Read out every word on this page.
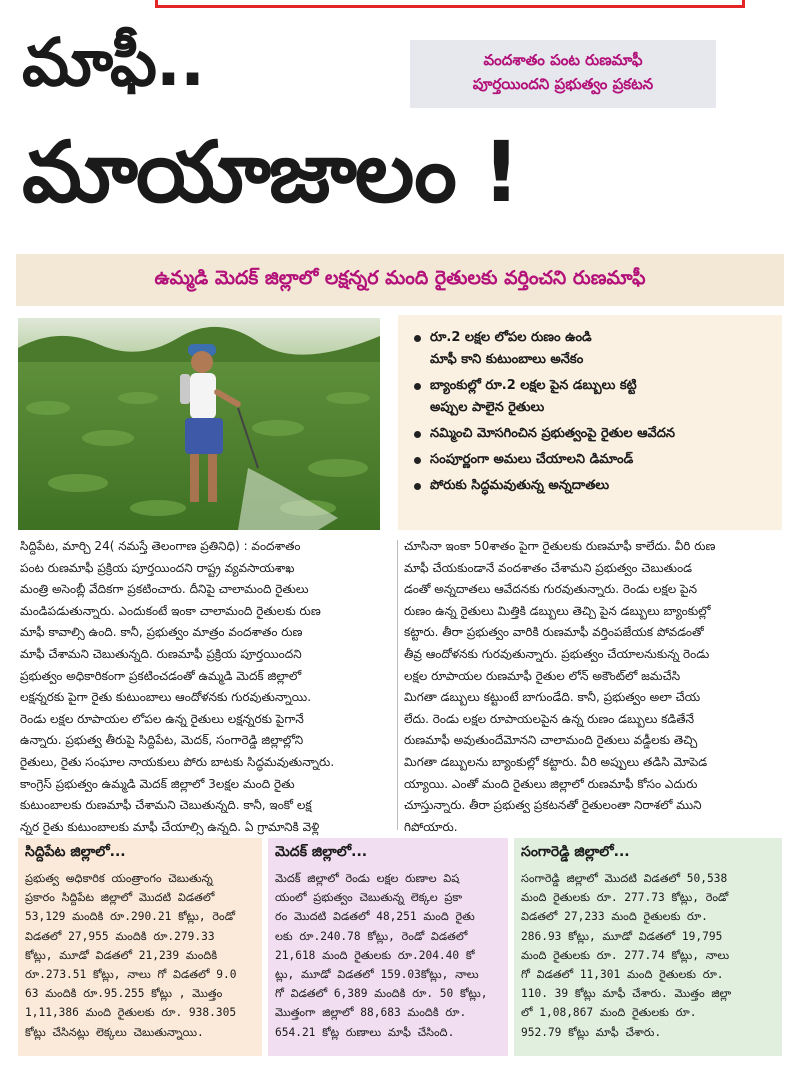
మాఫీ..
మాయాజాలం !
వందశాతం పంట రుణమాఫీ
పూర్తయిందని ప్రభుత్వం ప్రకటన
ఉమ్మడి మెదక్ జిల్లాలో లక్షన్నర మంది రైతులకు వర్తించని రుణమాఫీ
రూ.2 లక్షల లోపల రుణం ఉండి
మాఫీ కాని కుటుంబాలు అనేకం
బ్యాంకుల్లో రూ.2 లక్షల పైన డబ్బులు కట్టి
అప్పుల పాలైన రైతులు
నమ్మించి మోసగించిన ప్రభుత్వంపై రైతుల ఆవేదన
సంపూర్ణంగా అమలు చేయాలని డిమాండ్
పోరుకు సిద్ధమవుతున్న అన్నదాతలు
సిద్దిపేట, మార్చి 24( నమస్తే తెలంగాణ ప్రతినిధి) : వందశాతం
పంట రుణమాఫీ ప్రక్రియ పూర్తయిందని రాష్ట్ర వ్యవసాయశాఖ
మంత్రి అసెంబ్లీ వేదికగా ప్రకటించారు. దీనిపై చాలామంది రైతులు
మండిపడుతున్నారు. ఎందుకంటే ఇంకా చాలామంది రైతులకు రుణ
మాఫీ కావాల్సి ఉంది. కానీ, ప్రభుత్వం మాత్రం వందశాతం రుణ
మాఫీ చేశామని చెబుతున్నది. రుణమాఫీ ప్రక్రియ పూర్తయిందని
ప్రభుత్వం అధికారికంగా ప్రకటించడంతో ఉమ్మడి మెదక్ జిల్లాలో
లక్షన్నరకు పైగా రైతు కుటుంబాలు ఆందోళనకు గురవుతున్నాయి.
రెండు లక్షల రూపాయల లోపల ఉన్న రైతులు లక్షన్నరకు పైగానే
ఉన్నారు. ప్రభుత్వ తీరుపై సిద్దిపేట, మెదక్, సంగారెడ్డి జిల్లాల్లోని
రైతులు, రైతు సంఘాల నాయకులు పోరు బాటకు సిద్ధమవుతున్నారు.
కాంగ్రెస్ ప్రభుత్వం ఉమ్మడి మెదక్ జిల్లాలో 3లక్షల మంది రైతు
కుటుంబాలకు రుణమాఫీ చేశామని చెబుతున్నది. కానీ, ఇంకో లక్ష
న్నర రైతు కుటుంబాలకు మాఫీ చేయాల్సి ఉన్నది. ఏ గ్రామానికి వెళ్లి
చూసినా ఇంకా 50శాతం పైగా రైతులకు రుణమాఫీ కాలేదు. వీరి రుణ
మాఫీ చేయకుండానే వందశాతం చేశామని ప్రభుత్వం చెబుతుండ
డంతో అన్నదాతలు ఆవేదనకు గురవుతున్నారు. రెండు లక్షల పైన
రుణం ఉన్న రైతులు మిత్తికి డబ్బులు తెచ్చి పైన డబ్బులు బ్యాంకుల్లో
కట్టారు. తీరా ప్రభుత్వం వారికి రుణమాఫీ వర్తింపజేయక పోవడంతో
తీవ్ర ఆందోళనకు గురవుతున్నారు. ప్రభుత్వం చేయాలనుకున్న రెండు
లక్షల రూపాయల రుణమాఫీ రైతుల లోన్ అకౌంట్‌లో జమచేసి
మిగతా డబ్బులు కట్టుంటే బాగుండేది. కానీ, ప్రభుత్వం అలా చేయ
లేదు. రెండు లక్షల రూపాయలపైన ఉన్న రుణం డబ్బులు కడితేనే
రుణమాఫీ అవుతుందేమోనని చాలామంది రైతులు వడ్డీలకు తెచ్చి
మిగతా డబ్బులను బ్యాంకుల్లో కట్టారు. వీరి అప్పులు తడిసి మోపెడ
య్యాయి. ఎంతో మంది రైతులు జిల్లాలో రుణమాఫీ కోసం ఎదురు
చూస్తున్నారు. తీరా ప్రభుత్వ ప్రకటనతో రైతులంతా నిరాశలో ముని
గిపోయారు.
సిద్దిపేట జిల్లాలో...
ప్రభుత్వ అధికారిక యంత్రాంగం చెబుతున్న
ప్రకారం సిద్దిపేట జిల్లాలో మొదటి విడతలో
53,129 మందికి రూ.290.21 కోట్లు, రెండో
విడతలో 27,955 మందికి రూ.279.33
కోట్లు, మూడో విడతలో 21,239 మందికి
రూ.273.51 కోట్లు, నాలు గో విడతలో 9.0
63 మందికి రూ.95.255 కోట్లు , మొత్తం
1,11,386 మంది రైతులకు రూ. 938.305
కోట్లు చేసినట్లు లెక్కలు చెబుతున్నాయి.
మెదక్ జిల్లాలో...
మెదక్ జిల్లాలో రెండు లక్షల రుణాల విష
యంలో ప్రభుత్వం చెబుతున్న లెక్కల ప్రకా
రం మొదటి విడతలో 48,251 మంది రైతు
లకు రూ.240.78 కోట్లు, రెండో విడతలో
21,618 మంది రైతులకు రూ.204.40 కో
ట్లు, మూడో విడతలో 159.03కోట్లు, నాలు
గో విడతలో 6,389 మందికి రూ. 50 కోట్లు,
మొత్తంగా జిల్లాలో 88,683 మందికి రూ.
654.21 కోట్ల రుణాలు మాఫీ చేసింది.
సంగారెడ్డి జిల్లాలో...
సంగారెడ్డి జిల్లాలో మొదటి విడతలో 50,538
మంది రైతులకు రూ. 277.73 కోట్లు, రెండో
విడతలో 27,233 మంది రైతులకు రూ.
286.93 కోట్లు, మూడో విడతలో 19,795
మంది రైతులకు రూ. 277.74 కోట్లు, నాలు
గో విడతలో 11,301 మంది రైతులకు రూ.
110. 39 కోట్లు మాఫీ చేశారు. మొత్తం జిల్లా
లో 1,08,867 మంది రైతులకు రూ.
952.79 కోట్లు మాఫీ చేశారు.
